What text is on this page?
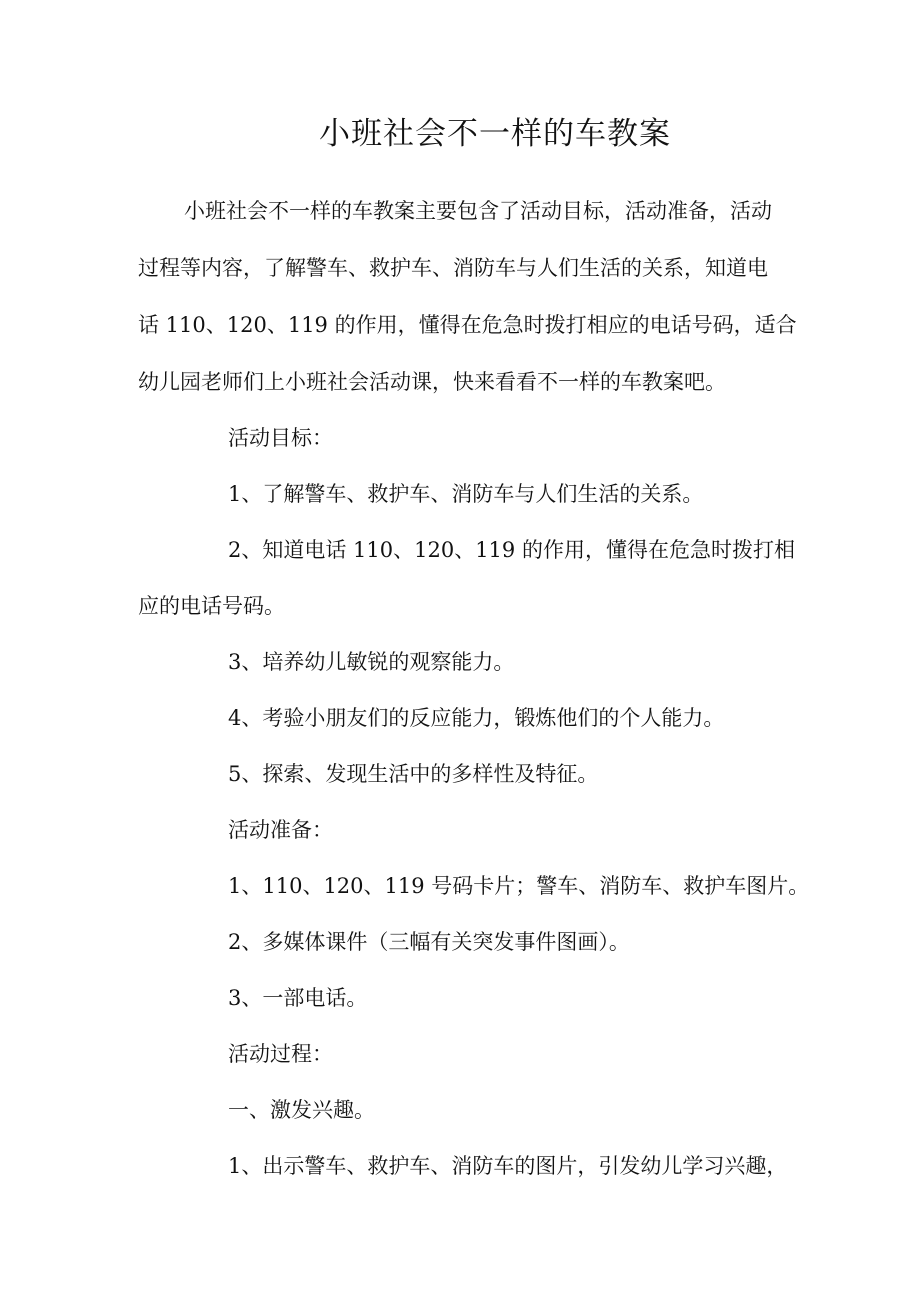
小班社会不一样的车教案
小班社会不一样的车教案主要包含了活动目标，活动准备，活动
过程等内容，了解警车、救护车、消防车与人们生活的关系，知道电
话 110、120、119 的作用，懂得在危急时拨打相应的电话号码，适合
幼儿园老师们上小班社会活动课，快来看看不一样的车教案吧。
活动目标：
1、了解警车、救护车、消防车与人们生活的关系。
2、知道电话 110、120、119 的作用，懂得在危急时拨打相
应的电话号码。
3、培养幼儿敏锐的观察能力。
4、考验小朋友们的反应能力，锻炼他们的个人能力。
5、探索、发现生活中的多样性及特征。
活动准备：
1、110、120、119 号码卡片；警车、消防车、救护车图片。
2、多媒体课件（三幅有关突发事件图画）。
3、一部电话。
活动过程：
一、激发兴趣。
1、出示警车、救护车、消防车的图片，引发幼儿学习兴趣，
